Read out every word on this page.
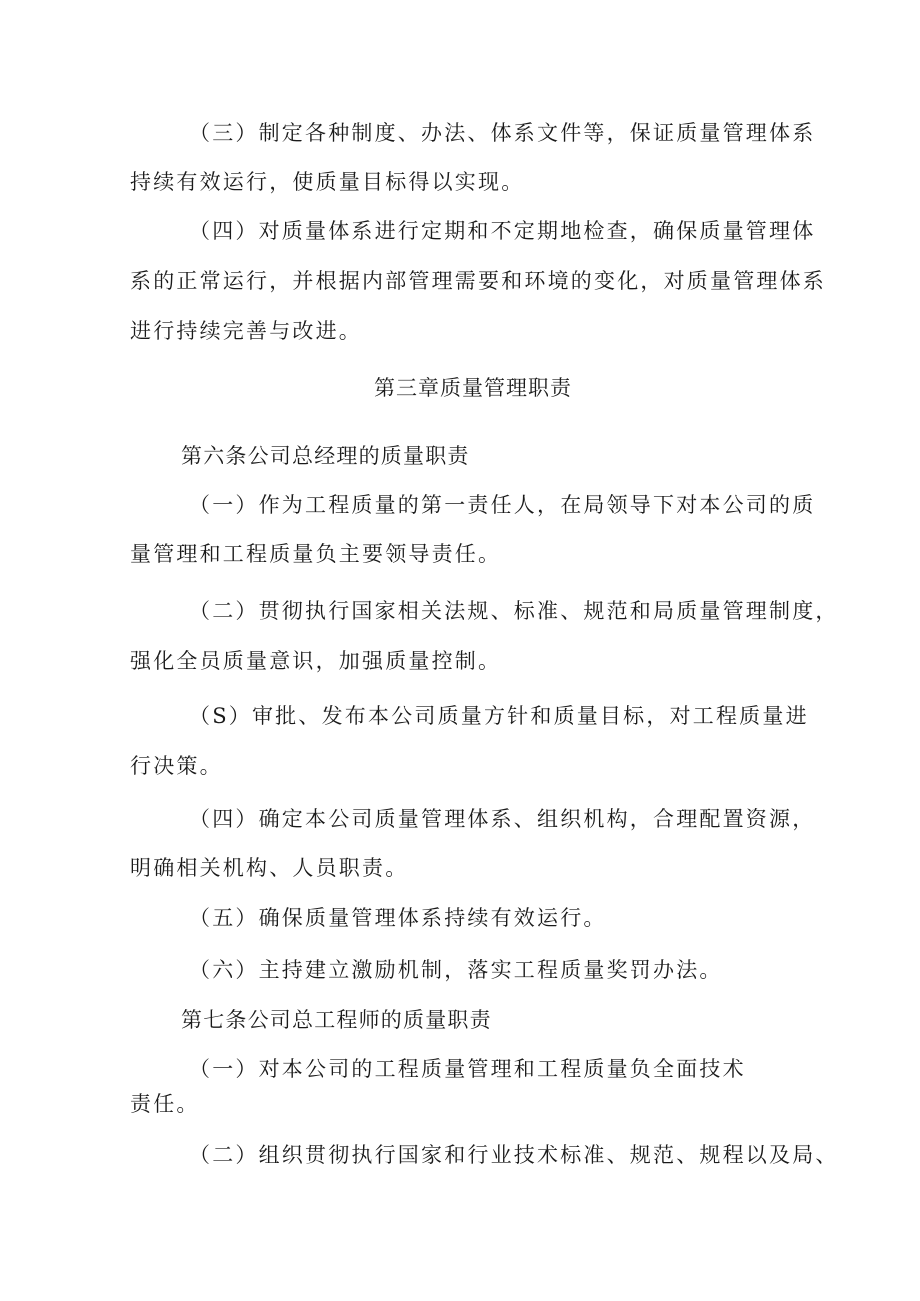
（三）制定各种制度、办法、体系文件等，保证质量管理体系
持续有效运行，使质量目标得以实现。
（四）对质量体系进行定期和不定期地检查，确保质量管理体
系的正常运行，并根据内部管理需要和环境的变化，对质量管理体系
进行持续完善与改进。
第三章质量管理职责
第六条公司总经理的质量职责
（一）作为工程质量的第一责任人，在局领导下对本公司的质
量管理和工程质量负主要领导责任。
（二）贯彻执行国家相关法规、标准、规范和局质量管理制度，
强化全员质量意识，加强质量控制。
（S）审批、发布本公司质量方针和质量目标，对工程质量进
行决策。
（四）确定本公司质量管理体系、组织机构，合理配置资源，
明确相关机构、人员职责。
（五）确保质量管理体系持续有效运行。
（六）主持建立激励机制，落实工程质量奖罚办法。
第七条公司总工程师的质量职责
（一）对本公司的工程质量管理和工程质量负全面技术
责任。
（二）组织贯彻执行国家和行业技术标准、规范、规程以及局、
